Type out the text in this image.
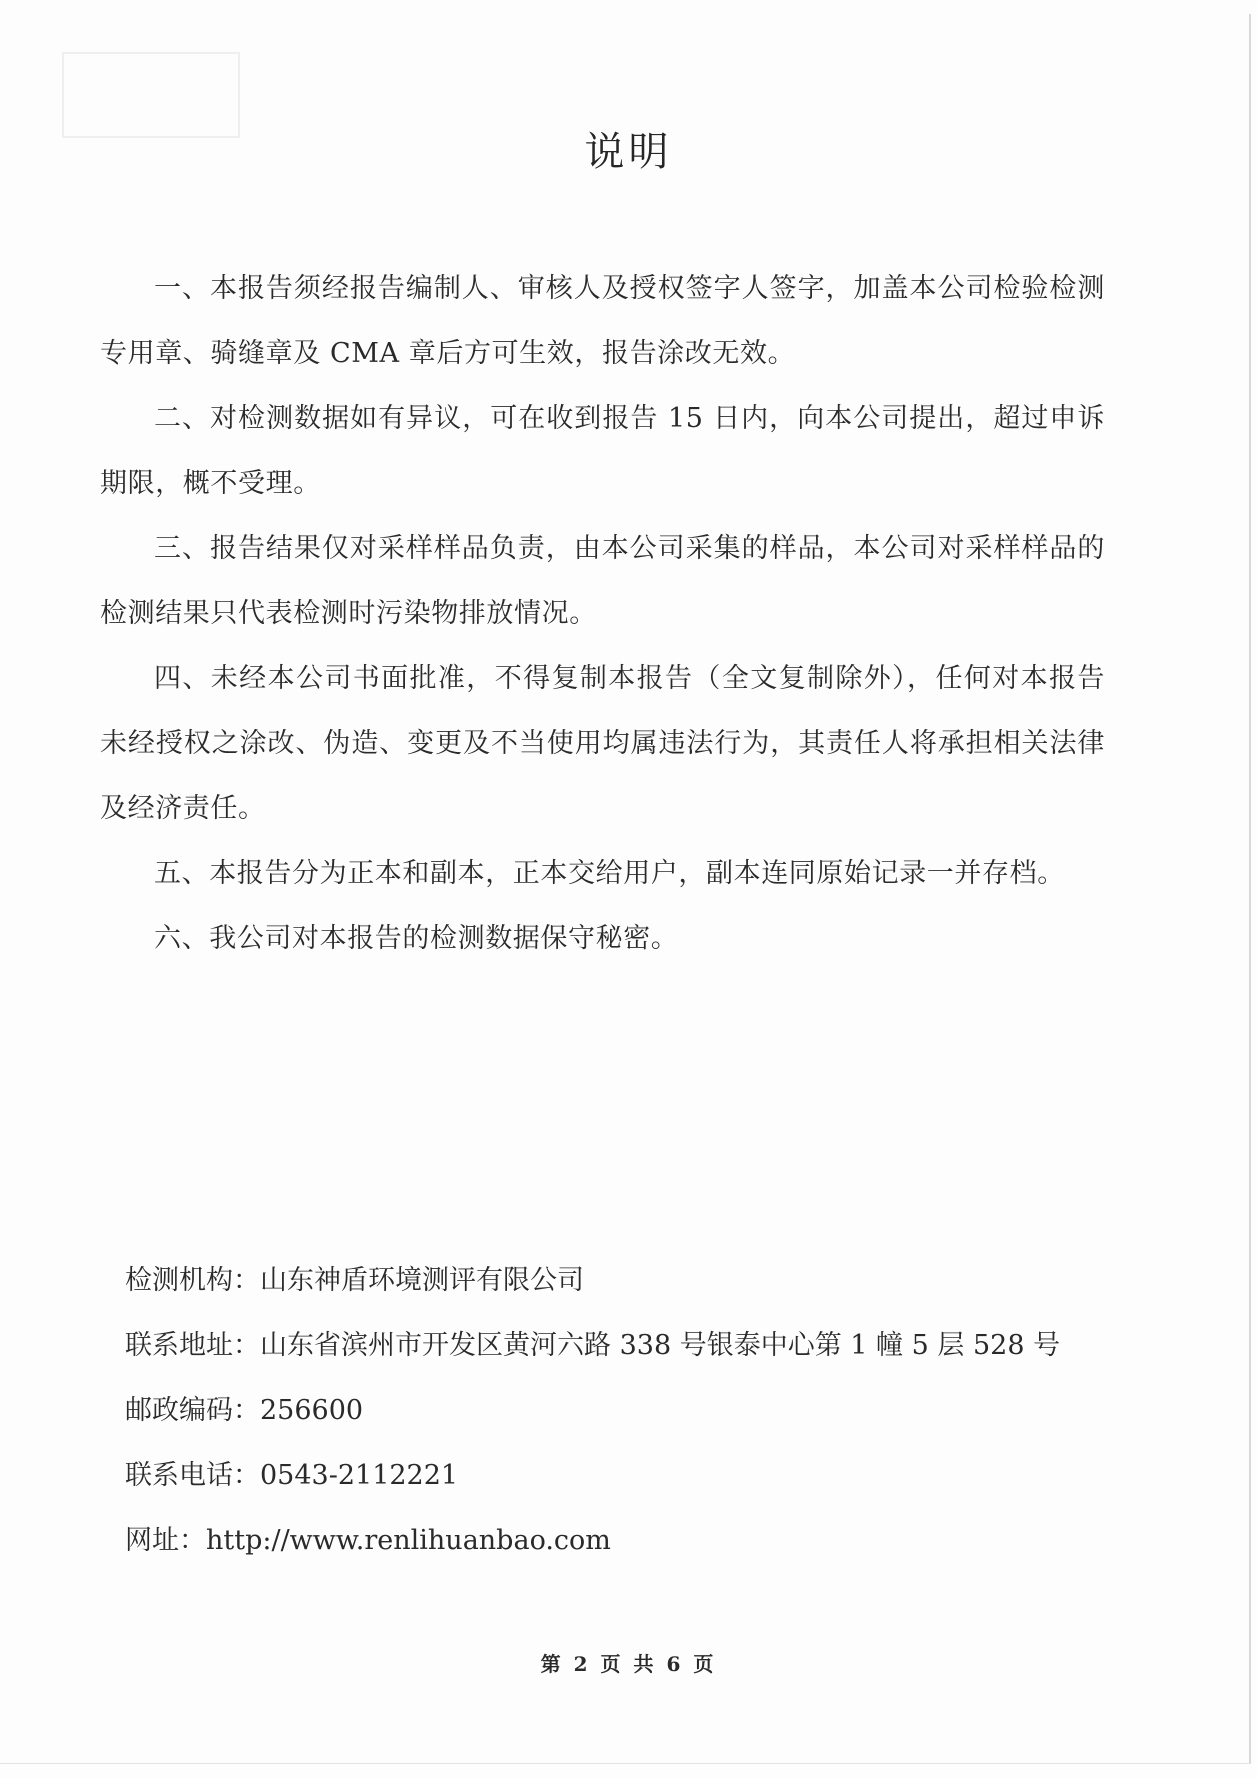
说明
一、本报告须经报告编制人、审核人及授权签字人签字，加盖本公司检验检测专用章、骑缝章及 CMA 章后方可生效，报告涂改无效。
二、对检测数据如有异议，可在收到报告 15 日内，向本公司提出，超过申诉期限，概不受理。
三、报告结果仅对采样样品负责，由本公司采集的样品，本公司对采样样品的检测结果只代表检测时污染物排放情况。
四、未经本公司书面批准，不得复制本报告（全文复制除外），任何对本报告未经授权之涂改、伪造、变更及不当使用均属违法行为，其责任人将承担相关法律及经济责任。
五、本报告分为正本和副本，正本交给用户，副本连同原始记录一并存档。
六、我公司对本报告的检测数据保守秘密。
检测机构：山东神盾环境测评有限公司
联系地址：山东省滨州市开发区黄河六路 338 号银泰中心第 1 幢 5 层 528 号
邮政编码：256600
联系电话：0543-2112221
网址：http://www.renlihuanbao.com
第 2 页 共 6 页
